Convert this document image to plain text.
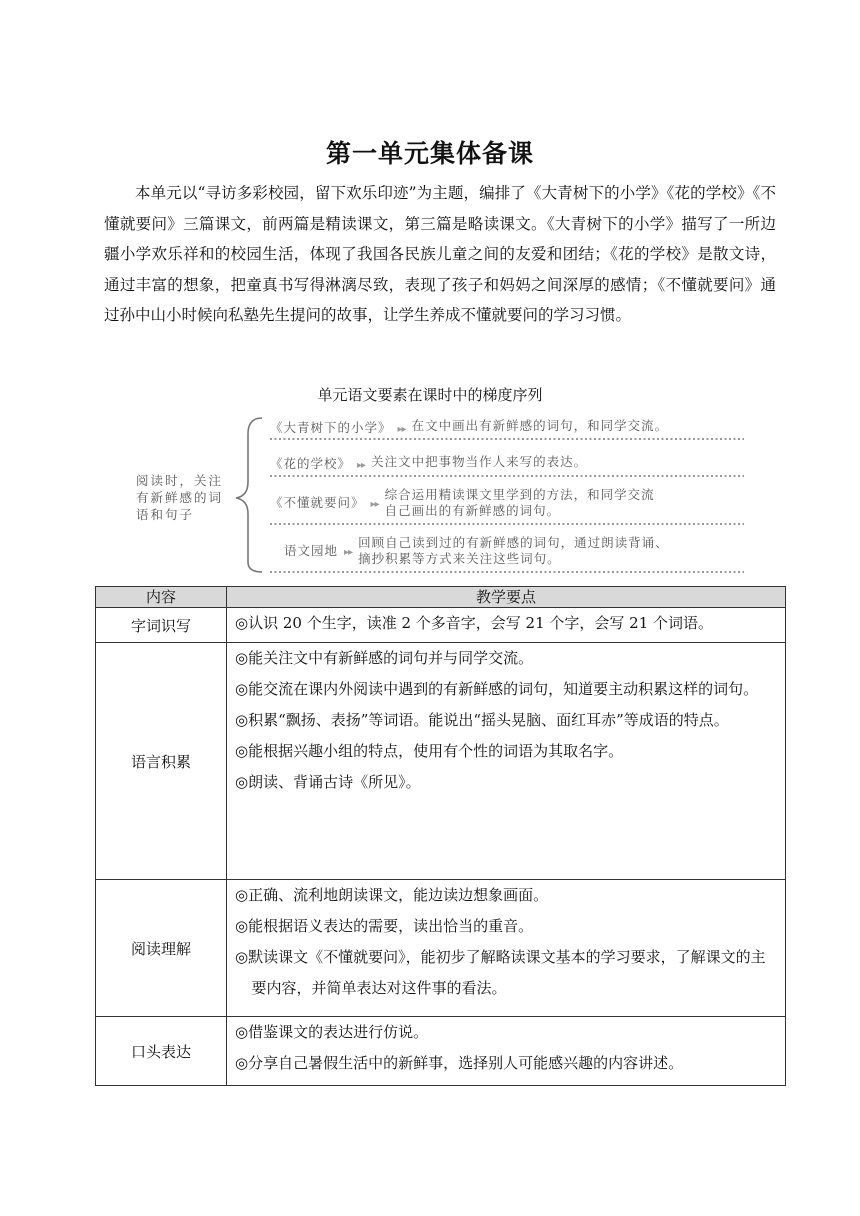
第一单元集体备课

本单元以“寻访多彩校园，留下欢乐印迹”为主题，编排了《大青树下的小学》《花的学校》《不懂就要问》三篇课文，前两篇是精读课文，第三篇是略读课文。《大青树下的小学》描写了一所边疆小学欢乐祥和的校园生活，体现了我国各民族儿童之间的友爱和团结；《花的学校》是散文诗，通过丰富的想象，把童真书写得淋漓尽致，表现了孩子和妈妈之间深厚的感情；《不懂就要问》通过孙中山小时候向私塾先生提问的故事，让学生养成不懂就要问的学习习惯。

单元语文要素在课时中的梯度序列
阅读时，关注
有新鲜感的词
语和句子
《大青树下的小学》 ▸▸ 在文中画出有新鲜感的词句，和同学交流。
《花的学校》 ▸▸ 关注文中把事物当作人来写的表达。
《不懂就要问》 ▸▸
综合运用精读课文里学到的方法，和同学交流
自己画出的有新鲜感的词句。
语文园地 ▸▸
回顾自己读到过的有新鲜感的词句，通过朗读背诵、
摘抄积累等方式来关注这些词句。
内容	教学要点
字词识写	◎认识 20 个生字，读准 2 个多音字，会写 21 个字，会写 21 个词语。

语言积累	◎能关注文中有新鲜感的词句并与同学交流。

◎能交流在课内外阅读中遇到的有新鲜感的词句，知道要主动积累这样的词句。

◎积累“飘扬、表扬”等词语。能说出“摇头晃脑、面红耳赤”等成语的特点。

◎能根据兴趣小组的特点，使用有个性的词语为其取名字。

◎朗读、背诵古诗《所见》。

阅读理解	◎正确、流利地朗读课文，能边读边想象画面。

◎能根据语义表达的需要，读出恰当的重音。

◎默读课文《不懂就要问》，能初步了解略读课文基本的学习要求，了解课文的主要内容，并简单表达对这件事的看法。

口头表达	◎借鉴课文的表达进行仿说。

◎分享自己暑假生活中的新鲜事，选择别人可能感兴趣的内容讲述。
